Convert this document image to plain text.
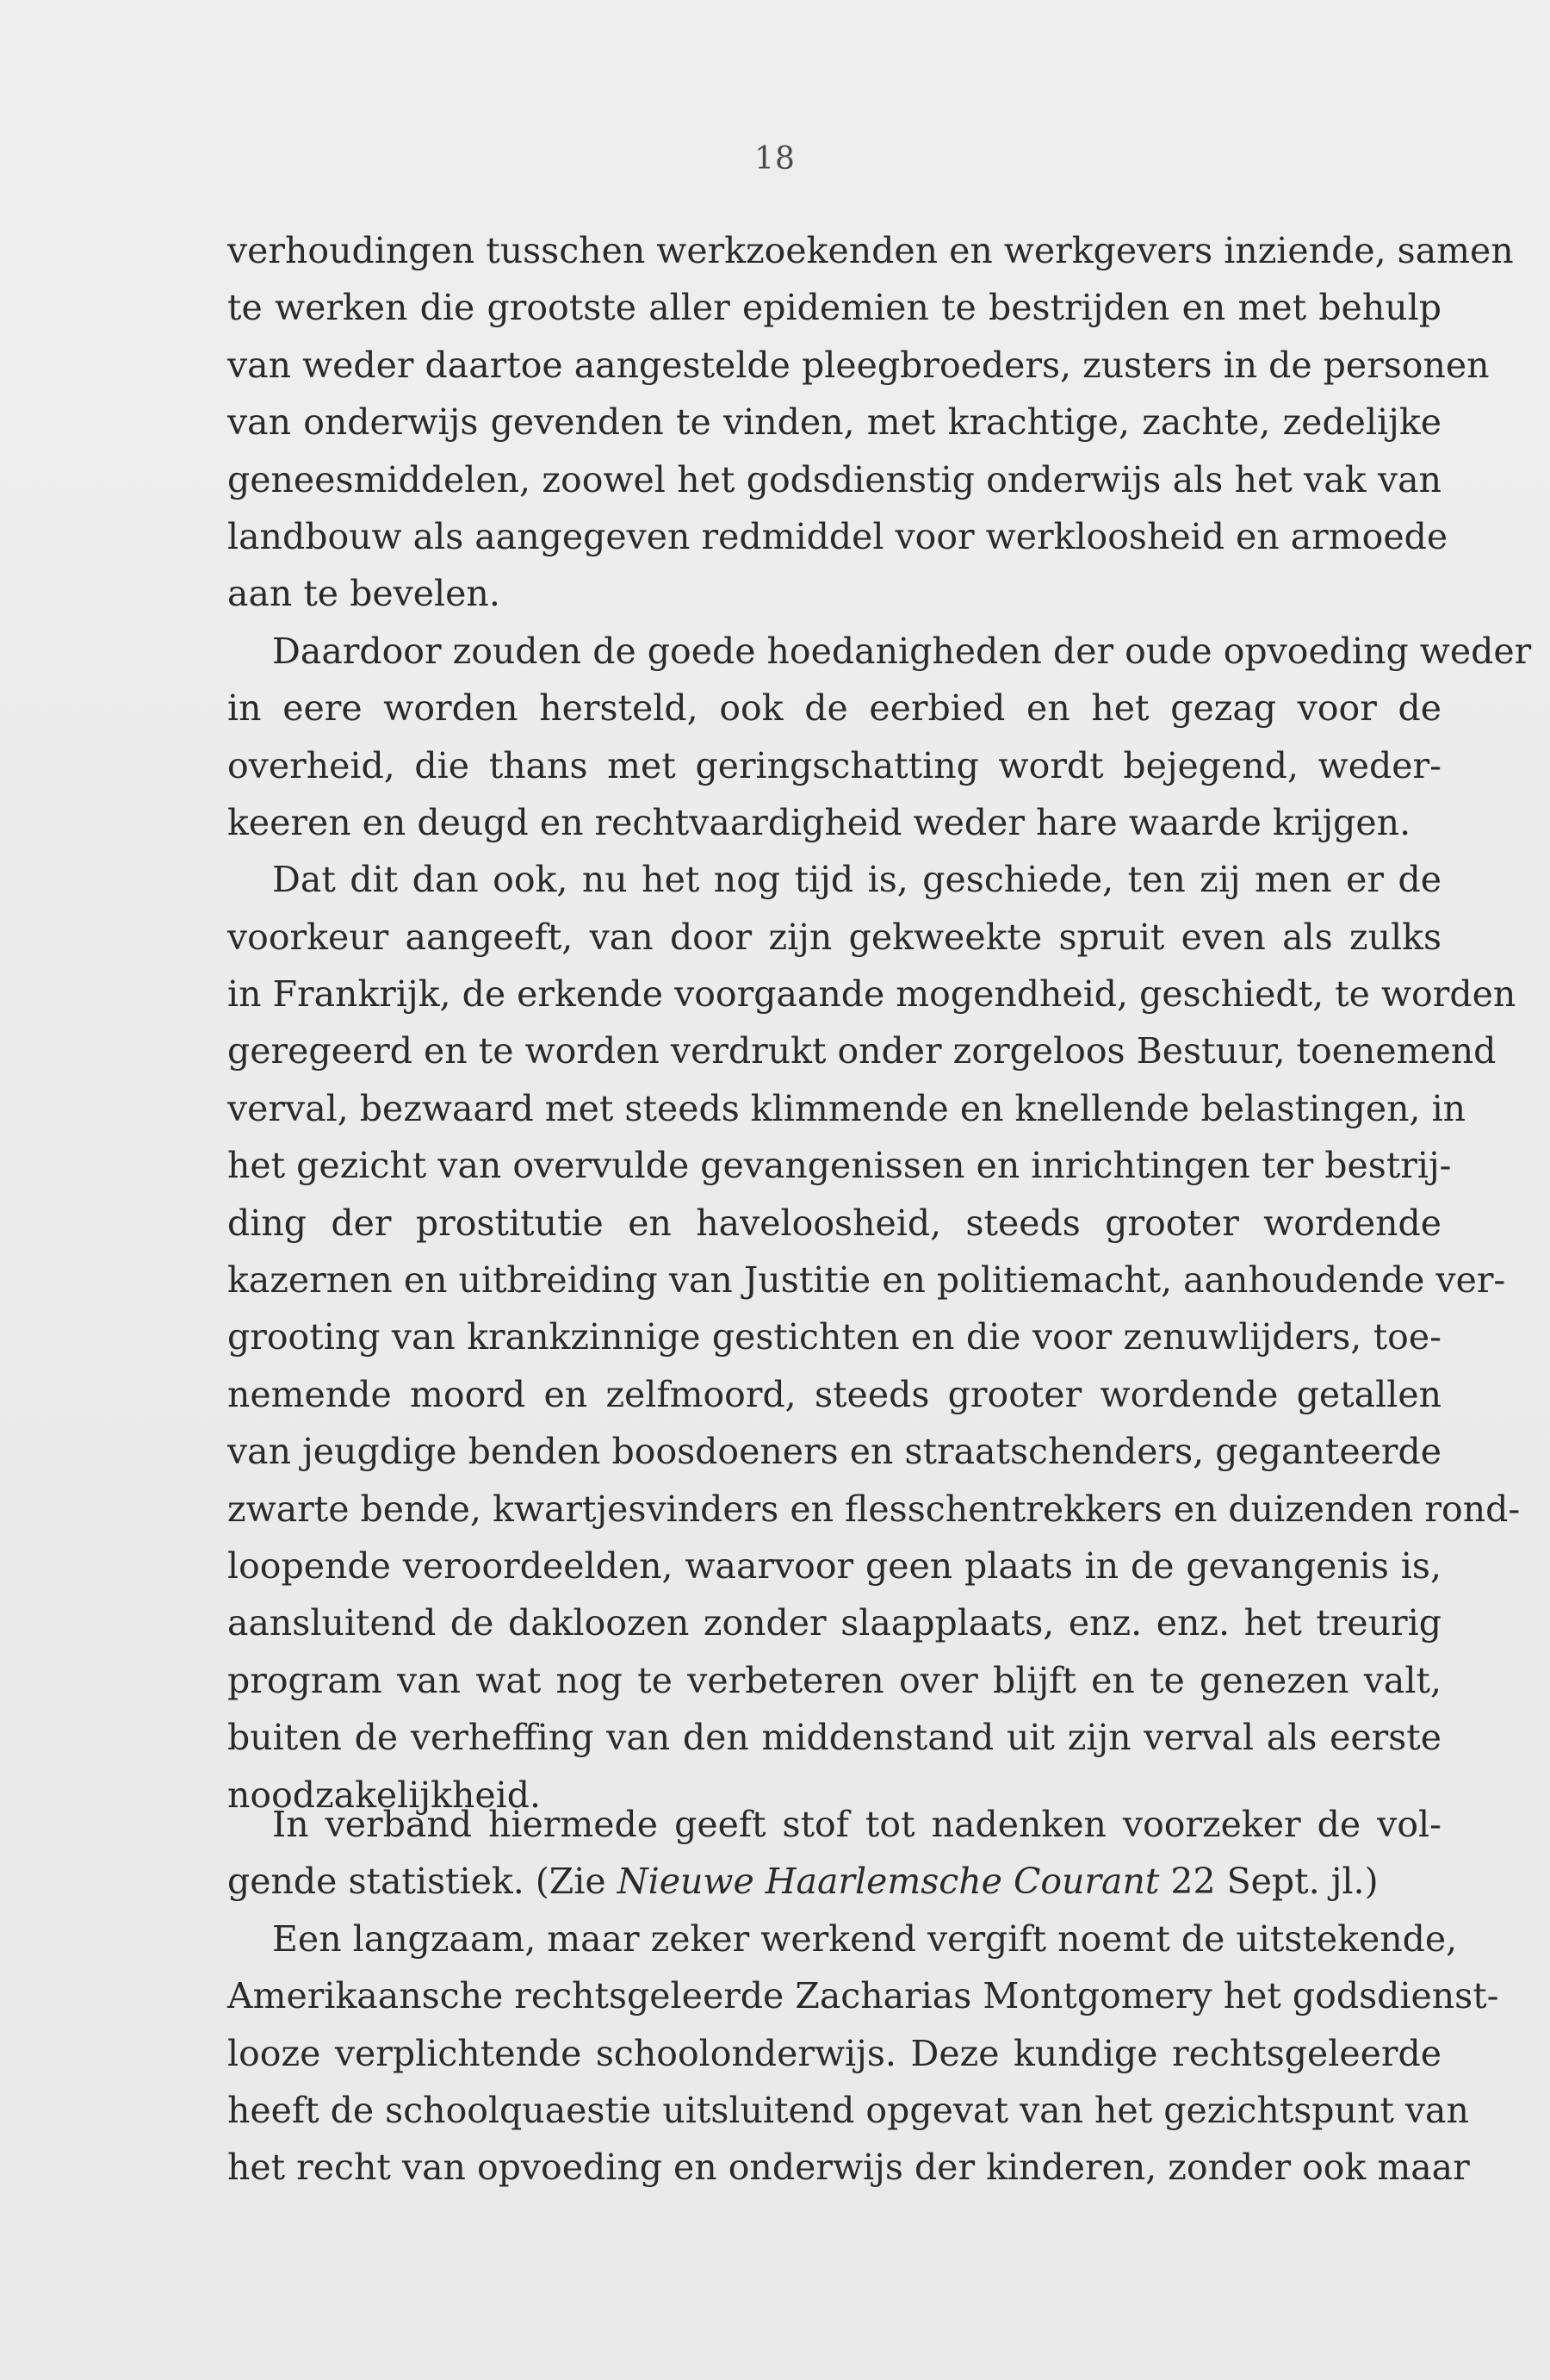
18
verhoudingen tusschen werkzoekenden en werkgevers inziende, samen
te werken die grootste aller epidemien te bestrijden en met behulp
van weder daartoe aangestelde pleegbroeders, zusters in de personen
van onderwijs gevenden te vinden, met krachtige, zachte, zedelijke
geneesmiddelen, zoowel het godsdienstig onderwijs als het vak van
landbouw als aangegeven redmiddel voor werkloosheid en armoede
aan te bevelen.
Daardoor zouden de goede hoedanigheden der oude opvoeding weder
in eere worden hersteld, ook de eerbied en het gezag voor de
overheid, die thans met geringschatting wordt bejegend, weder-
keeren en deugd en rechtvaardigheid weder hare waarde krijgen.
Dat dit dan ook, nu het nog tijd is, geschiede, ten zij men er de
voorkeur aangeeft, van door zijn gekweekte spruit even als zulks
in Frankrijk, de erkende voorgaande mogendheid, geschiedt, te worden
geregeerd en te worden verdrukt onder zorgeloos Bestuur, toenemend
verval, bezwaard met steeds klimmende en knellende belastingen, in
het gezicht van overvulde gevangenissen en inrichtingen ter bestrij-
ding der prostitutie en haveloosheid, steeds grooter wordende
kazernen en uitbreiding van Justitie en politiemacht, aanhoudende ver-
grooting van krankzinnige gestichten en die voor zenuwlijders, toe-
nemende moord en zelfmoord, steeds grooter wordende getallen
van jeugdige benden boosdoeners en straatschenders, geganteerde
zwarte bende, kwartjesvinders en flesschentrekkers en duizenden rond-
loopende veroordeelden, waarvoor geen plaats in de gevangenis is,
aansluitend de dakloozen zonder slaapplaats, enz. enz. het treurig
program van wat nog te verbeteren over blijft en te genezen valt,
buiten de verheffing van den middenstand uit zijn verval als eerste
noodzakelijkheid.
In verband hiermede geeft stof tot nadenken voorzeker de vol-
gende statistiek. (Zie Nieuwe Haarlemsche Courant 22 Sept. jl.)
Een langzaam, maar zeker werkend vergift noemt de uitstekende,
Amerikaansche rechtsgeleerde Zacharias Montgomery het godsdienst-
looze verplichtende schoolonderwijs. Deze kundige rechtsgeleerde
heeft de schoolquaestie uitsluitend opgevat van het gezichtspunt van
het recht van opvoeding en onderwijs der kinderen, zonder ook maar
